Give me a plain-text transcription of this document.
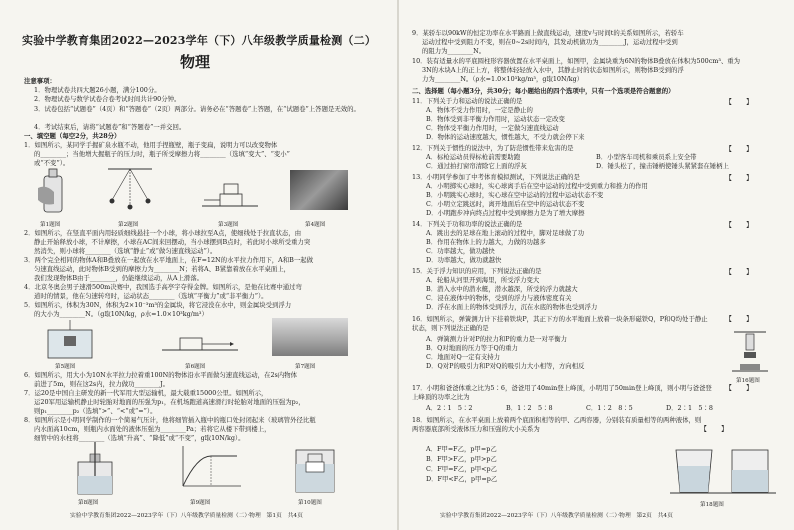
实验中学教育集团2022—2023学年（下）八年级教学质量检测（二）
物理
注意事项：
1．物理试卷共四大题26小题，满分100分。
2．物理试卷与数学试卷合卷考试时间共计90分钟。
3．试卷包括“试题卷”（4页）和“答题卷”（2页）两部分。请务必在“答题卷”上答题，在“试题卷”上答题是无效的。
4．考试结束后，请将“试题卷”和“答题卷”一并交回。
一、填空题（每空2分，共28分）
1．如图所示，某同学手握矿泉水瓶不动，他用手捏瓶壁，瓶子变扁，说明力可以改变物体
的________；当他增大握瓶子的压力时，瓶子所受摩擦力将________（选填“变大”、“变小”
或“不变”）。
第1题图	第2题图	第3题图	第4题图
2．如图所示，在竖直平面内用轻质细线悬挂一个小球，将小球拉至A点，使细线处于拉直状态，由
静止开始释放小球，不计摩擦，小球在AC间来回摆动，当小球摆到B点时，若此时小球所受重力突
然消失，则小球将________（选填“静止”或“做匀速直线运动”）。
3．两个完全相同的物体A和B叠放在一起放在水平地面上，在F=12N的水平拉力作用下，A和B一起做
匀速直线运动，此时物体B受到的摩擦力为________N；若将A、B紧靠着放在水平桌面上，
我们发现物体B由于________，仍能继续运动，从A上滑落。
4．北京冬奥会男子速滑500m决赛中，我国选手高亭宇夺得金牌。如图所示，是他在比赛中通过弯
道时的情景，他在匀速转弯时，运动状态________（选填“平衡力”或“非平衡力”）。
5．如图所示，体积为30N，体积为2×10⁻³m³的金属块，将它浸没在水中，则金属块受到浮力
的大小为________N。（g取10N/kg，ρ水=1.0×10³kg/m³）
第5题图	第6题图	第7题图
6．如图所示，用大小为10N水平拉力拉着重100N的物体沿水平面做匀速直线运动，在2s内物体
前进了5m，则在这2s内，拉力做功________J。
7．运20是中国自主研发的新一代军用大型运输机，最大载重15000公里。如图所示，
运20军用运输机静止时轮胎对地面的压强为p₁，在机场跑道高速滑行时轮胎对地面的压强为p₂，
则p₁________p₂（选填“>”、“<”或“=”）。
8．如图所示是小明同学制作的一个简易气压计，他将细管插入瓶中的瓶口处封闭起来（玻璃管外径比瓶
内水面高10cm，则瓶内水面处的液体压强为________Pa；若将它从楼下带到楼上，
细管中的水柱将________（选填“升高”、“降低”或“不变”，g取10N/kg）。
第8题图	第9题图	第10题图
实验中学教育集团2022—2023学年（下）八年级教学质量检测（二）·物理　第1页　共4页
9．某轿车以90kW的恒定功率在水平路面上做直线运动，速度v与时间t的关系如图所示，若轿车
运动过程中受到阻力不变，则在0~2s时间内，其发动机做功为________J，运动过程中受到
的阻力为________N。
10．装有适量水的平底圆柱形容器放置在水平桌面上，如图甲，金属块重为6N的物体B叠放在体积为500cm³、重为
3N的木块A上的正上方，将整体轻轻放入水中，其静止时的状态如图所示，则物体B受到的浮
力为________N。（ρ水=1.0×10³kg/m³，g取10N/kg）
二、选择题（每小题3分，共30分；每小题给出的四个选项中，只有一个选项是符合题意的）
11．下列关于力和运动的说法正确的是	【　　】
A．物体不受力作用时，一定是静止的
B．物体受到非平衡力作用时，运动状态一定改变
C．物体受平衡力作用时，一定做匀速直线运动
D．物体的运动速度越大，惯性越大，不受力就会停下来
12．下列关于惯性的说法中，为了防范惯性带来危害的是	【　　】
A．标枪运动员得标枪前需要助跑	B．小型客车司机和乘员系上安全带
C．通过拍打窗帘清除它上面的浮灰	D．锤头松了，撞击锤柄使锤头紧紧套在锤柄上
13．小明同学参加了中考体育模拟测试，下列说法正确的是	【　　】
A．小明掷实心球时，实心球离手后在空中运动的过程中受到重力和推力的作用
B．小明跳实心球时，实心球在空中运动的过程中运动状态不变
C．小明立定跳远时，离开地面后在空中的运动状态不变
D．小明跑步冲向终点过程中受到摩擦力是为了增大摩擦
14．下列关于功和功率的说法正确的是	【　　】
A．跳出去的足球在地上滚动的过程中，脚对足球做了功
B．作用在物体上的力越大，力做的功越多
C．功率越大，做功越快
D．功率越大，做功就越快
15．关于浮力知识的应用，下列说法正确的是	【　　】
A．轮船从河里开到海里，所受浮力变大
B．潜入水中的潜水艇，潜水越深，所受的浮力就越大
C．浸在液体中的物体，受到的浮力与液体密度有关
D．浮在水面上的物体受到浮力，沉在水底的物体也受到浮力
16．如图所示，弹簧测力计下挂着铁块P，其正下方的水平地面上放着一块条形磁铁Q，P和Q均处于静止状态，则下列说法正确的是
【　　】
A．弹簧测力计对P的拉力和P的重力是一对平衡力
B．Q对地面的压力等于Q的重力
C．地面对Q一定有支持力
D．Q对P的吸引力和P对Q的吸引力大小相等，方向相反
第16题图
17．小明和爸爸体重之比为5∶6，爸爸用了40min登上峰顶，小明用了50min登上峰顶，则小明与爸爸登上峰顶的功率之比为
【　　】
A．2∶1　5∶2	B．1∶2　5∶8	C．1∶2　8∶5	D．2∶1　5∶8
18．如图所示，在水平桌面上放着两个底面积相等的甲、乙两容器，分别装有质量相等的两种液体，则两容器底部所受液体压力和压强的大小关系为	【　　】
A．F甲=F乙，p甲=p乙
B．F甲>F乙，p甲>p乙
C．F甲=F乙，p甲<p乙
D．F甲<F乙，p甲=p乙
第18题图
实验中学教育集团2022—2023学年（下）八年级教学质量检测（二）·物理　第2页　共4页
